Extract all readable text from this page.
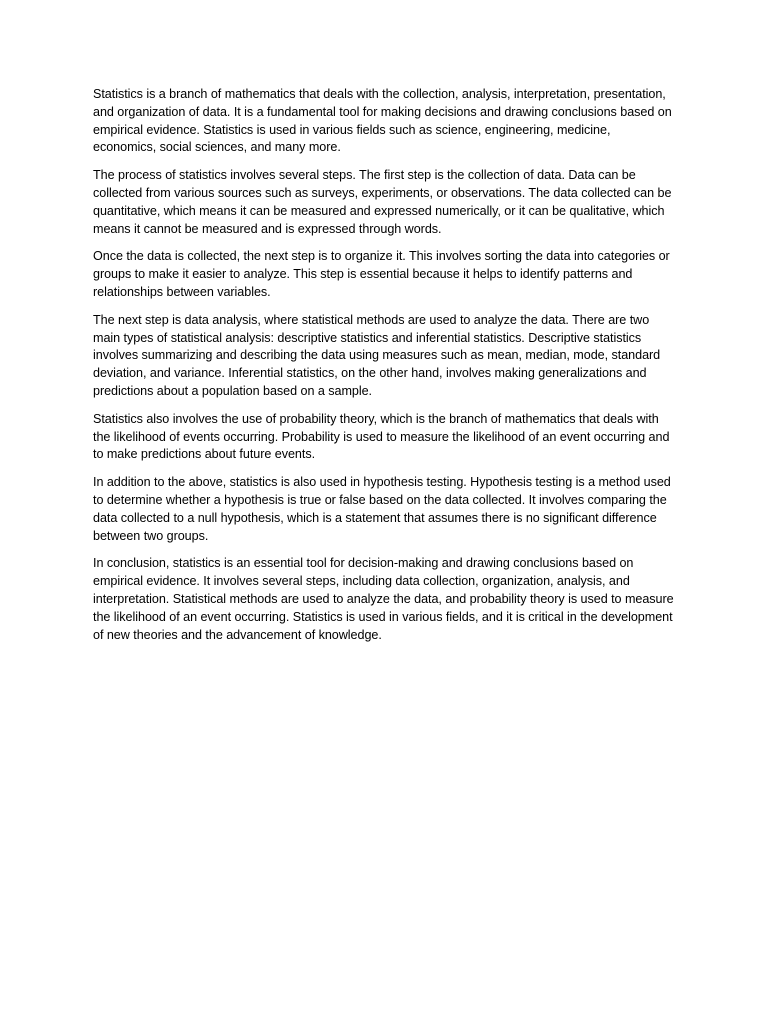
Statistics is a branch of mathematics that deals with the collection, analysis, interpretation, presentation, and organization of data. It is a fundamental tool for making decisions and drawing conclusions based on empirical evidence. Statistics is used in various fields such as science, engineering, medicine, economics, social sciences, and many more.

The process of statistics involves several steps. The first step is the collection of data. Data can be collected from various sources such as surveys, experiments, or observations. The data collected can be quantitative, which means it can be measured and expressed numerically, or it can be qualitative, which means it cannot be measured and is expressed through words.

Once the data is collected, the next step is to organize it. This involves sorting the data into categories or groups to make it easier to analyze. This step is essential because it helps to identify patterns and relationships between variables.

The next step is data analysis, where statistical methods are used to analyze the data. There are two main types of statistical analysis: descriptive statistics and inferential statistics. Descriptive statistics involves summarizing and describing the data using measures such as mean, median, mode, standard deviation, and variance. Inferential statistics, on the other hand, involves making generalizations and predictions about a population based on a sample.

Statistics also involves the use of probability theory, which is the branch of mathematics that deals with the likelihood of events occurring. Probability is used to measure the likelihood of an event occurring and to make predictions about future events.

In addition to the above, statistics is also used in hypothesis testing. Hypothesis testing is a method used to determine whether a hypothesis is true or false based on the data collected. It involves comparing the data collected to a null hypothesis, which is a statement that assumes there is no significant difference between two groups.

In conclusion, statistics is an essential tool for decision-making and drawing conclusions based on empirical evidence. It involves several steps, including data collection, organization, analysis, and interpretation. Statistical methods are used to analyze the data, and probability theory is used to measure the likelihood of an event occurring. Statistics is used in various fields, and it is critical in the development of new theories and the advancement of knowledge.
